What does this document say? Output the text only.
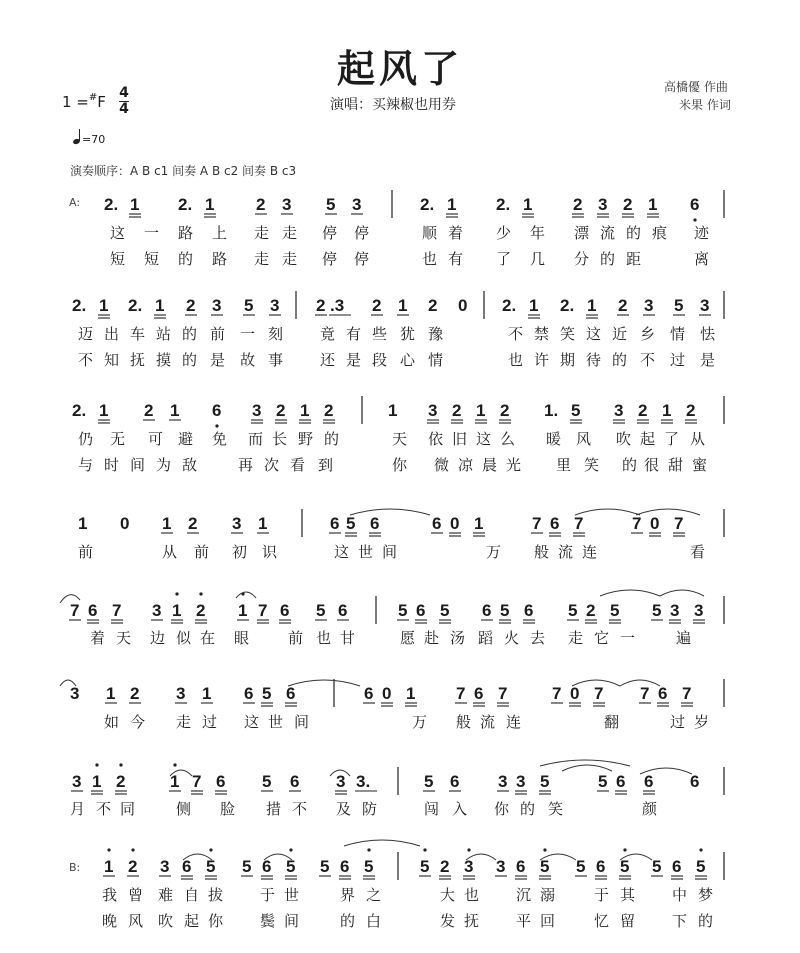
起风了
演唱：买辣椒也用券
高橋優 作曲
米果 作词
1 =#F 4
4
=70
演奏顺序：A B c1 间奏 A B c2 间奏 B c3
A:
B:
2. 1 2. 1 2 3 5 3	2. 1 2. 1 2 3 2 1 6
这 一 路 上 走 走 停 停	顺 着 少 年 漂 流 的 痕 迹
短 短 的 路 走 走 停 停	也 有 了 几 分 的 距	离
2. 1 2. 1 2 3 5 3 2 .3 2 1 2 0 2. 1 2. 1 2 3 5 3
迈 出 车 站 的 前 一 刻 竟 有 些 犹 豫	不 禁 笑 这 近 乡 情 怯
不 知 抚 摸 的 是 故 事 还 是 段 心 情	也 许 期 待 的 不 过 是
2. 1 2 1 6 3 2 1 2	1 3 2 1 2 1. 5 3 2 1 2
仍 无 可 避 免 而 长 野 的	天 依 旧 这 么 暖 风 吹 起 了 从
与 时 间 为 敌	再 次 看 到	你 微 凉 晨 光 里 笑 的 很 甜 蜜
1 0 1 2 3 1	6 5 6	6 0 1	7 6 7	7 0 7
前	从 前 初 识	这 世 间	万 般 流 连	看
7 6 7 3 1 2 1 7 6 5 6	5 6 5 6 5 6 5 2 5 5 3 3
着 天 边 似 在 眼	前 也 甘	愿 赴 汤 蹈 火 去 走 它 一	遍
3 1 2 3 1 6 5 6	6 0 1 7 6 7	7 0 7 7 6 7
如 今 走 过 这 世 间	万 般 流 连	翻	过 岁
3 1 2	1 7 6 5 6 3 3.	5 6 3 3 5	5 6 6 6
月 不 同	侧 脸 措 不 及 防	闯 入 你 的 笑	颜
1 2 3 6 5 5 6 5 5 6 5	5 2 3 3 6 5 5 6 5 5 6 5
我 曾 难 自 拔 于 世	界 之	大 也 沉 溺	于 其 中 梦
晚 风 吹 起 你 鬓 间	的 白	发 抚 平 回	忆 留 下 的
